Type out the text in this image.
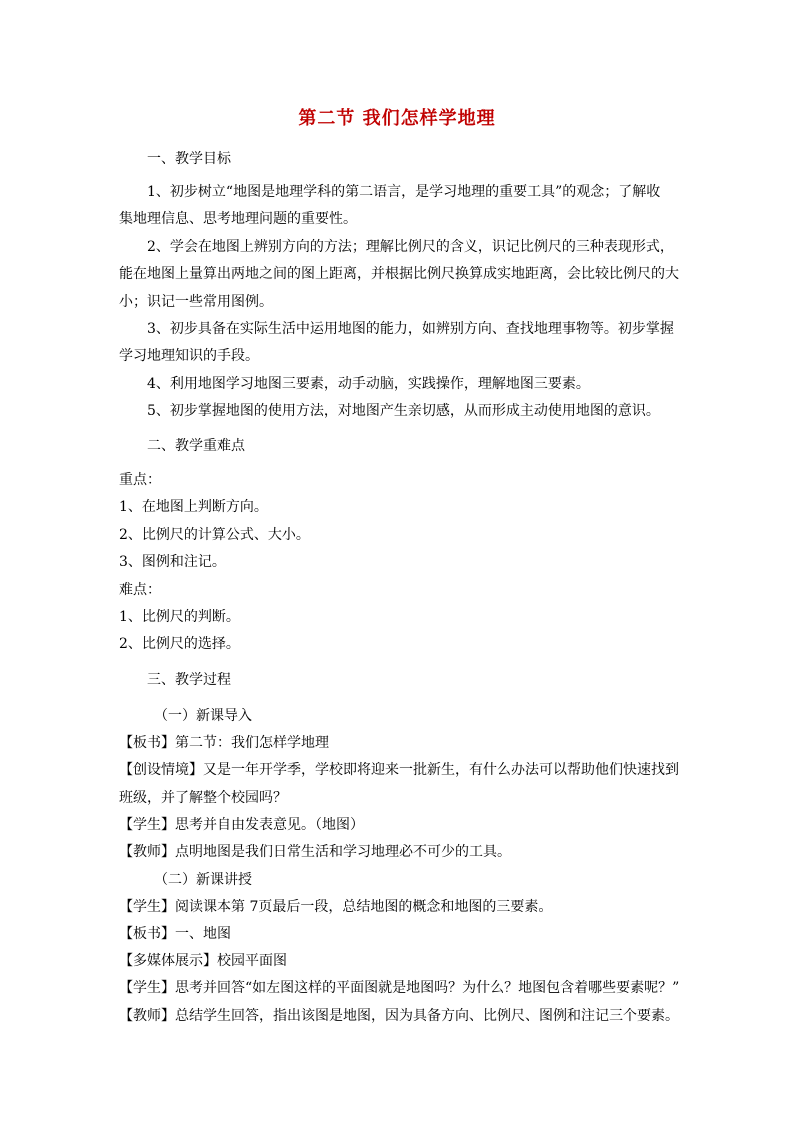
第二节 我们怎样学地理
一、教学目标
1、初步树立“地图是地理学科的第二语言，是学习地理的重要工具”的观念；了解收
集地理信息、思考地理问题的重要性。
2、学会在地图上辨别方向的方法；理解比例尺的含义，识记比例尺的三种表现形式，
能在地图上量算出两地之间的图上距离，并根据比例尺换算成实地距离，会比较比例尺的大
小；识记一些常用图例。
3、初步具备在实际生活中运用地图的能力，如辨别方向、查找地理事物等。初步掌握
学习地理知识的手段。
4、利用地图学习地图三要素，动手动脑，实践操作，理解地图三要素。
5、初步掌握地图的使用方法，对地图产生亲切感，从而形成主动使用地图的意识。
二、教学重难点
重点：
1、在地图上判断方向。
2、比例尺的计算公式、大小。
3、图例和注记。
难点：
1、比例尺的判断。
2、比例尺的选择。
三、教学过程
（一）新课导入
【板书】第二节：我们怎样学地理
【创设情境】又是一年开学季，学校即将迎来一批新生，有什么办法可以帮助他们快速找到
班级，并了解整个校园吗？
【学生】思考并自由发表意见。（地图）
【教师】点明地图是我们日常生活和学习地理必不可少的工具。
（二）新课讲授
【学生】阅读课本第 7页最后一段，总结地图的概念和地图的三要素。
【板书】一、地图
【多媒体展示】校园平面图
【学生】思考并回答“如左图这样的平面图就是地图吗？为什么？地图包含着哪些要素呢？”
【教师】总结学生回答，指出该图是地图，因为具备方向、比例尺、图例和注记三个要素。
